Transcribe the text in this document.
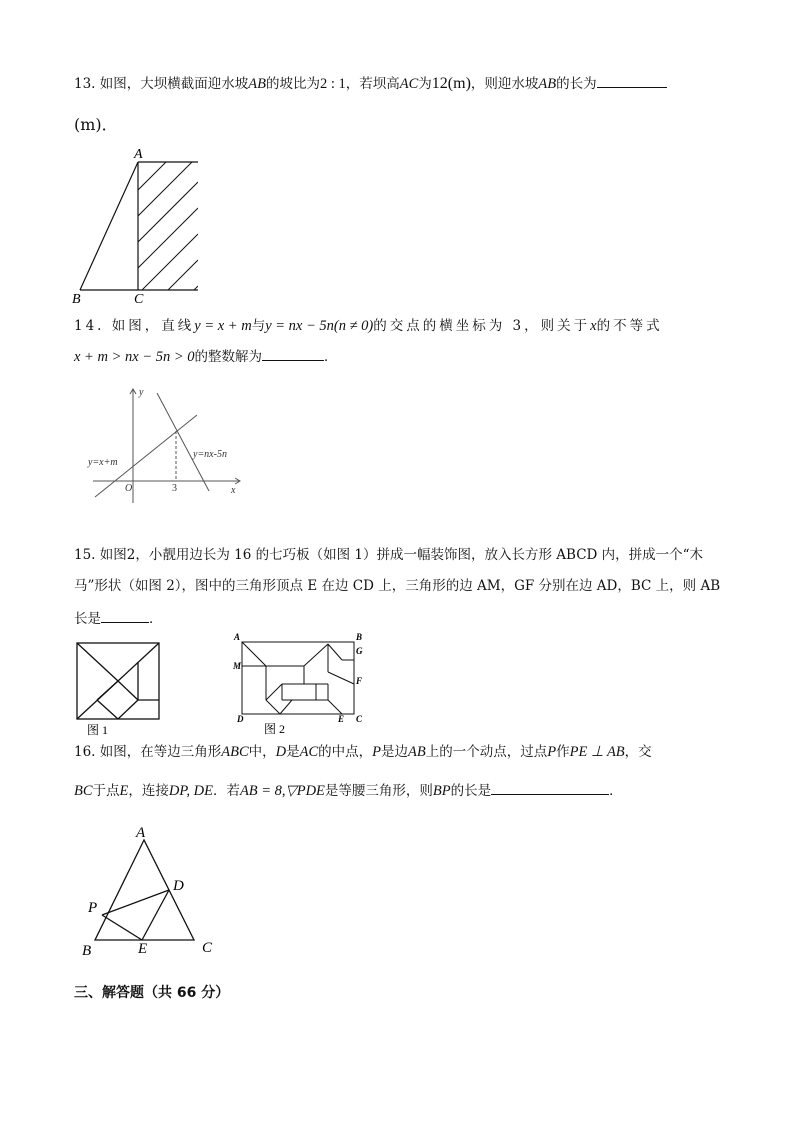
13. 如图，大坝横截面迎水坡AB的坡比为2 : 1，若坝高AC为12(m)，则迎水坡AB的长为
(m)．
A
B	C
14. 如图，直线y = x + m与y = nx − 5n(n ≠ 0)的交点的横坐标为 3，则关于x的不等式
x + m > nx − 5n > 0的整数解为	．
y
x
O	3
y=x+m
y=nx-5n
15. 如图2，小靓用边长为 16 的七巧板（如图 1）拼成一幅装饰图，放入长方形 ABCD 内，拼成一个“木
马”形状（如图 2），图中的三角形顶点 E 在边 CD 上，三角形的边 AM，GF 分别在边 AD，BC 上，则 AB
长是	．
图 1
A	B
G
M
F
D	E C
图 2
16. 如图，在等边三角形ABC中，D是AC的中点，P是边AB上的一个动点，过点P作PE ⊥ AB，交
BC于点E，连接DP, DE．若AB = 8,▽PDE是等腰三角形，则BP的长是	．
A
D
P
B	E	C
三、解答题（共 66 分）
